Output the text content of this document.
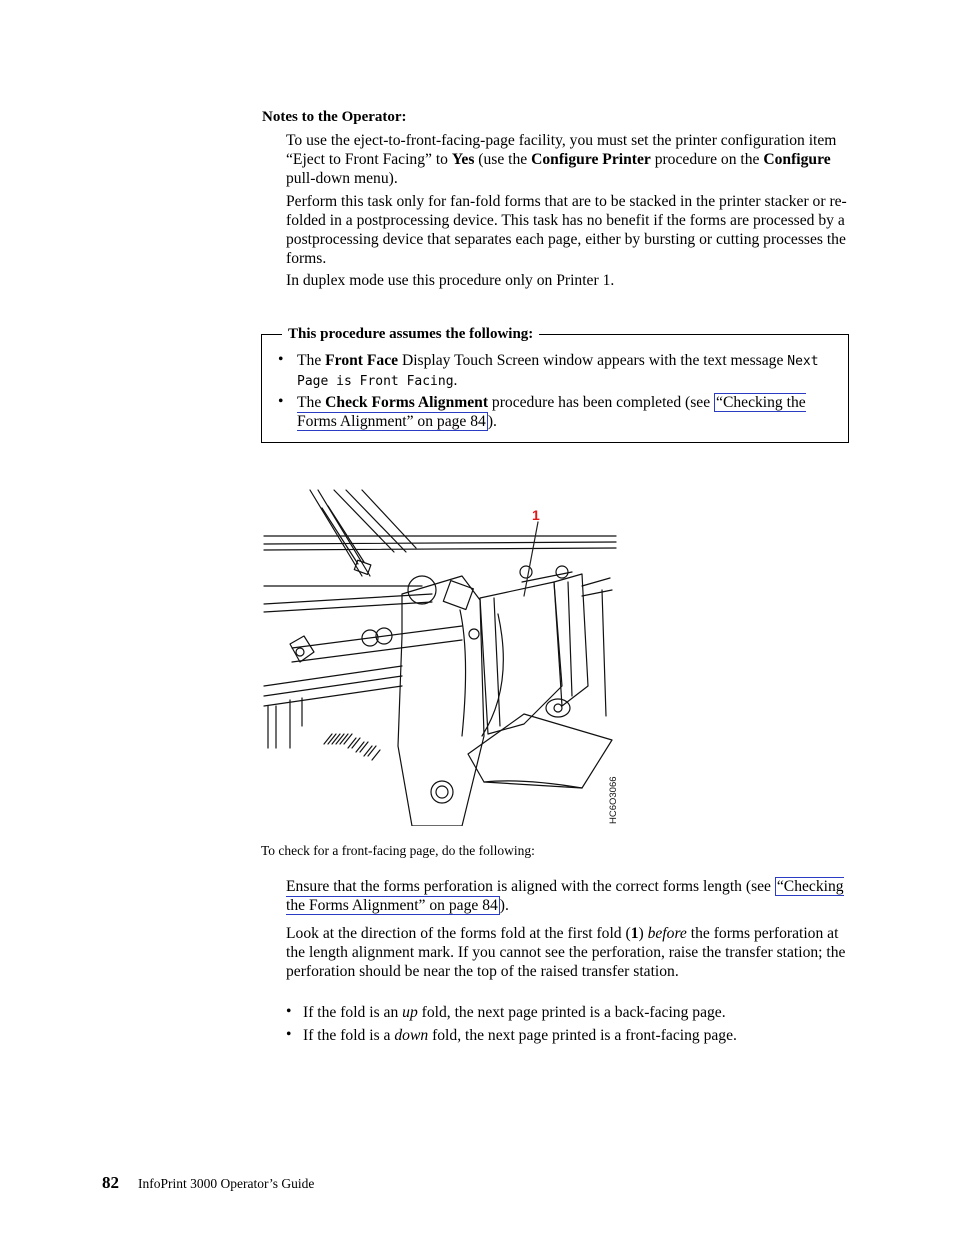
Notes to the Operator:
To use the eject-to-front-facing-page facility, you must set the printer configuration item “Eject to Front Facing” to Yes (use the Configure Printer procedure on the Configure pull-down menu).
Perform this task only for fan-fold forms that are to be stacked in the printer stacker or re-folded in a postprocessing device. This task has no benefit if the forms are processed by a postprocessing device that separates each page, either by bursting or cutting processes the forms.
In duplex mode use this procedure only on Printer 1.
This procedure assumes the following:
• The Front Face Display Touch Screen window appears with the text message Next Page is Front Facing.
• The Check Forms Alignment procedure has been completed (see “Checking the Forms Alignment” on page 84 ).
1
HC6O3066
To check for a front-facing page, do the following:
Ensure that the forms perforation is aligned with the correct forms length (see “Checking the Forms Alignment” on page 84 ).
Look at the direction of the forms fold at the first fold (1) before the forms perforation at the length alignment mark. If you cannot see the perforation, raise the transfer station; the perforation should be near the top of the raised transfer station.
• If the fold is an up fold, the next page printed is a back-facing page.
• If the fold is a down fold, the next page printed is a front-facing page.
82 InfoPrint 3000 Operator’s Guide
